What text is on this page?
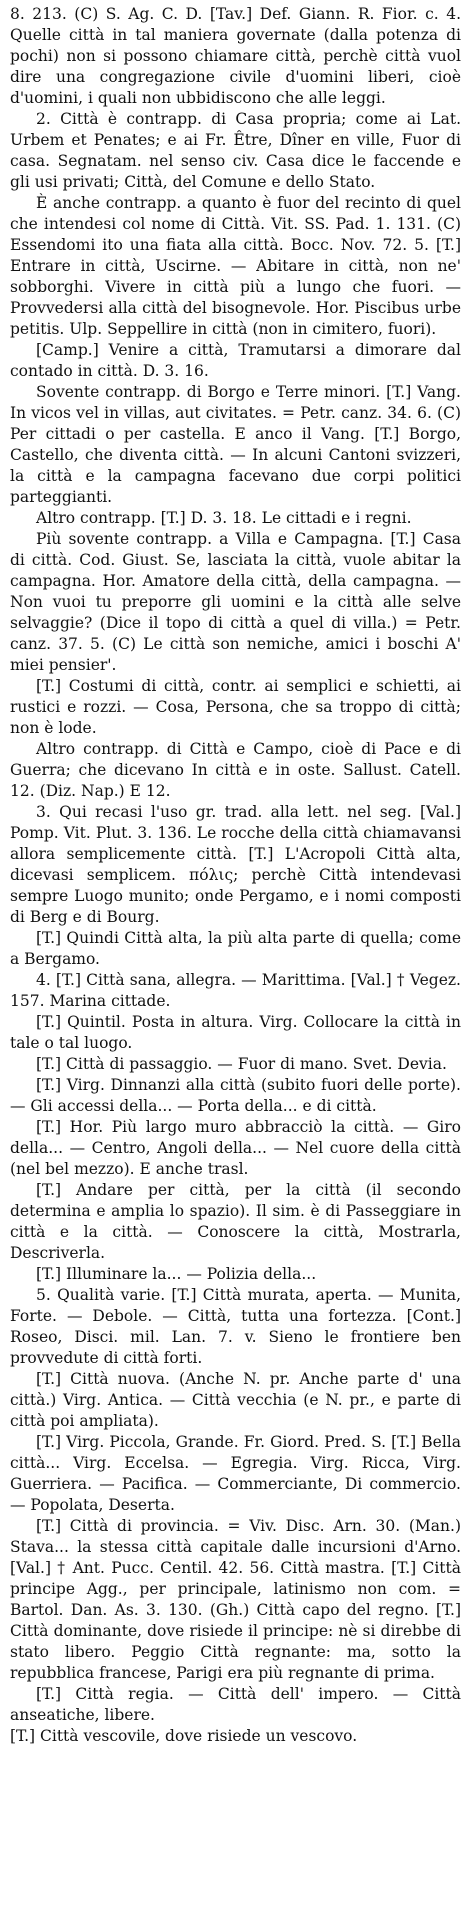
8. 213. (C) S. Ag. C. D. [Tav.] Def. Giann. R. Fior. c. 4. Quelle città in tal maniera governate (dalla potenza di pochi) non si possono chiamare città, perchè città vuol dire una congregazione civile d'uomini liberi, cioè d'uomini, i quali non ubbidiscono che alle leggi.

2. Città è contrapp. di Casa propria; come ai Lat. Urbem et Penates; e ai Fr. Être, Dîner en ville, Fuor di casa. Segnatam. nel senso civ. Casa dice le faccende e gli usi privati; Città, del Comune e dello Stato.

È anche contrapp. a quanto è fuor del recinto di quel che intendesi col nome di Città. Vit. SS. Pad. 1. 131. (C) Essendomi ito una fiata alla città. Bocc. Nov. 72. 5. [T.] Entrare in città, Uscirne. — Abitare in città, non ne' sobborghi. Vivere in città più a lungo che fuori. — Provvedersi alla città del bisognevole. Hor. Piscibus urbe petitis. Ulp. Seppellire in città (non in cimitero, fuori).

[Camp.] Venire a città, Tramutarsi a dimorare dal contado in città. D. 3. 16.

Sovente contrapp. di Borgo e Terre minori. [T.] Vang. In vicos vel in villas, aut civitates. = Petr. canz. 34. 6. (C) Per cittadi o per castella. E anco il Vang. [T.] Borgo, Castello, che diventa città. — In alcuni Cantoni svizzeri, la città e la campagna facevano due corpi politici parteggianti.

Altro contrapp. [T.] D. 3. 18. Le cittadi e i regni.

Più sovente contrapp. a Villa e Campagna. [T.] Casa di città. Cod. Giust. Se, lasciata la città, vuole abitar la campagna. Hor. Amatore della città, della campagna. — Non vuoi tu preporre gli uomini e la città alle selve selvaggie? (Dice il topo di città a quel di villa.) = Petr. canz. 37. 5. (C) Le città son nemiche, amici i boschi A' miei pensier'.

[T.] Costumi di città, contr. ai semplici e schietti, ai rustici e rozzi. — Cosa, Persona, che sa troppo di città; non è lode.

Altro contrapp. di Città e Campo, cioè di Pace e di Guerra; che dicevano In città e in oste. Sallust. Catell. 12. (Diz. Nap.) E 12.

3. Qui recasi l'uso gr. trad. alla lett. nel seg. [Val.] Pomp. Vit. Plut. 3. 136. Le rocche della città chiamavansi allora semplicemente città. [T.] L'Acropoli Città alta, dicevasi semplicem. πόλις; perchè Città intendevasi sempre Luogo munito; onde Pergamo, e i nomi composti di Berg e di Bourg.

[T.] Quindi Città alta, la più alta parte di quella; come a Bergamo.

4. [T.] Città sana, allegra. — Marittima. [Val.] † Vegez. 157. Marina cittade.

[T.] Quintil. Posta in altura. Virg. Collocare la città in tale o tal luogo.

[T.] Città di passaggio. — Fuor di mano. Svet. Devia.

[T.] Virg. Dinnanzi alla città (subito fuori delle porte). — Gli accessi della... — Porta della... e di città.

[T.] Hor. Più largo muro abbracciò la città. — Giro della... — Centro, Angoli della... — Nel cuore della città (nel bel mezzo). E anche trasl.

[T.] Andare per città, per la città (il secondo determina e amplia lo spazio). Il sim. è di Passeggiare in città e la città. — Conoscere la città, Mostrarla, Descriverla.

[T.] Illuminare la... — Polizia della...

5. Qualità varie. [T.] Città murata, aperta. — Munita, Forte. — Debole. — Città, tutta una fortezza. [Cont.] Roseo, Disci. mil. Lan. 7. v. Sieno le frontiere ben provvedute di città forti.

[T.] Città nuova. (Anche N. pr. Anche parte d' una città.) Virg. Antica. — Città vecchia (e N. pr., e parte di città poi ampliata).

[T.] Virg. Piccola, Grande. Fr. Giord. Pred. S. [T.] Bella città... Virg. Eccelsa. — Egregia. Virg. Ricca, Virg. Guerriera. — Pacifica. — Commerciante, Di commercio. — Popolata, Deserta.

[T.] Città di provincia. = Viv. Disc. Arn. 30. (Man.) Stava... la stessa città capitale dalle incursioni d'Arno. [Val.] † Ant. Pucc. Centil. 42. 56. Città mastra. [T.] Città principe Agg., per principale, latinismo non com. = Bartol. Dan. As. 3. 130. (Gh.) Città capo del regno. [T.] Città dominante, dove risiede il principe: nè si direbbe di stato libero. Peggio Città regnante: ma, sotto la repubblica francese, Parigi era più regnante di prima.

[T.] Città regia. — Città dell' impero. — Città anseatiche, libere.

[T.] Città vescovile, dove risiede un vescovo.
